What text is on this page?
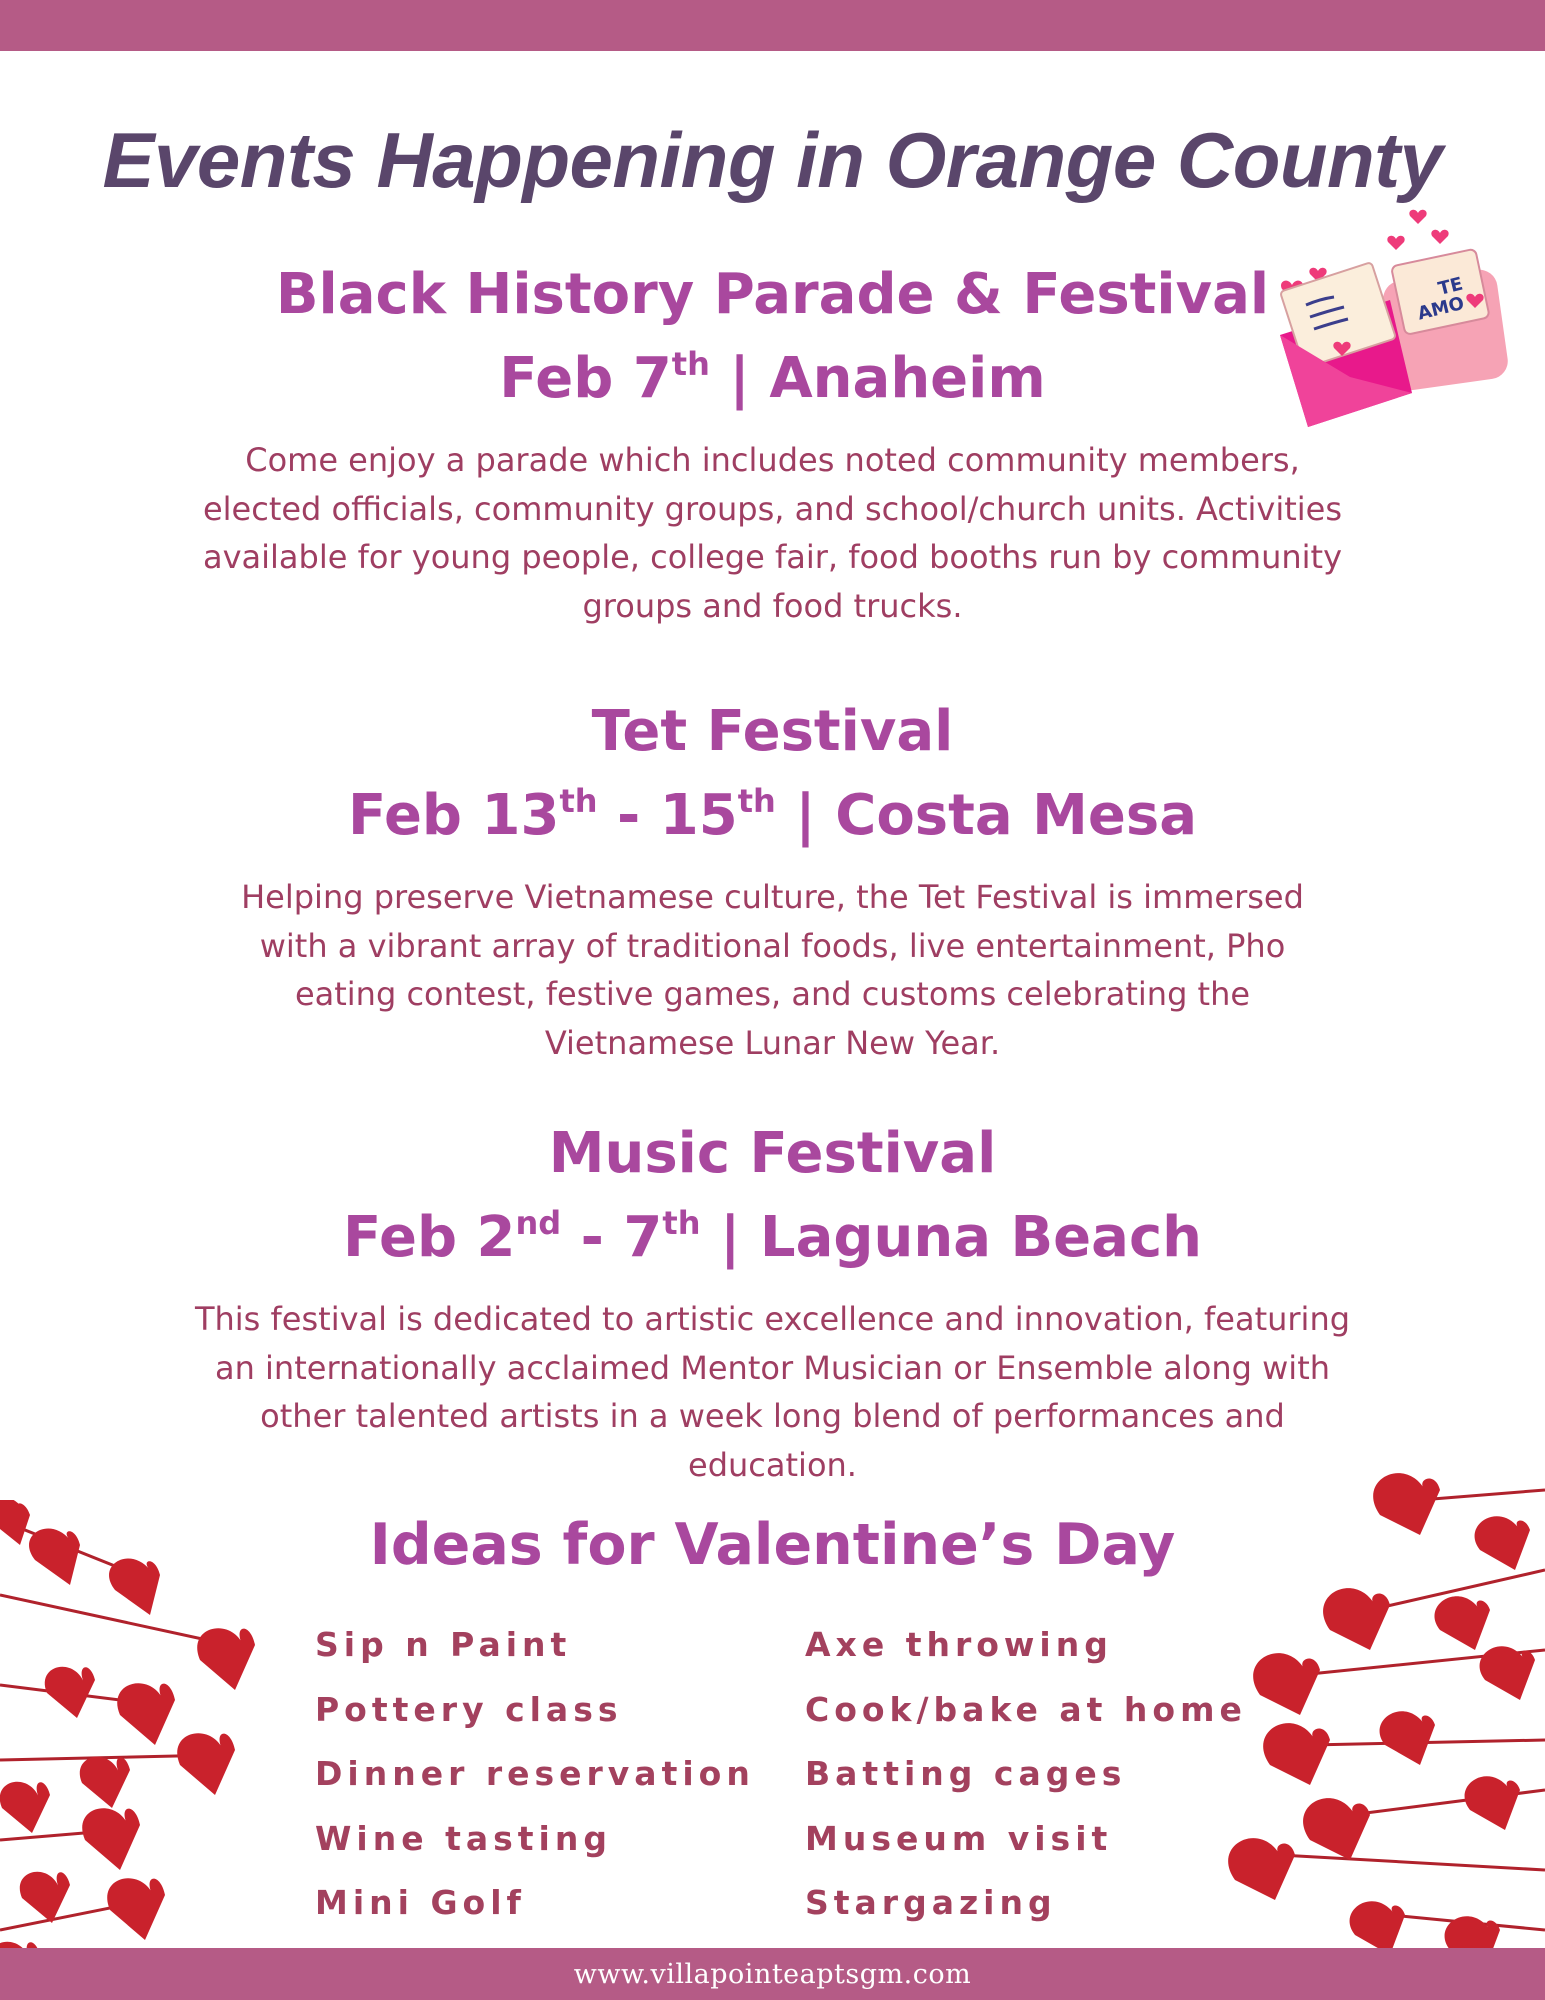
Events Happening in Orange County
TE
AMO
Black History Parade & Festival

Feb 7th | Anaheim

Come enjoy a parade which includes noted community members, elected officials, community groups, and school/church units. Activities available for young people, college fair, food booths run by community groups and food trucks.

Tet Festival

Feb 13th - 15th | Costa Mesa

Helping preserve Vietnamese culture, the Tet Festival is immersed with a vibrant array of traditional foods, live entertainment, Pho eating contest, festive games, and customs celebrating the Vietnamese Lunar New Year.

Music Festival

Feb 2nd - 7th | Laguna Beach

This festival is dedicated to artistic excellence and innovation, featuring an internationally acclaimed Mentor Musician or Ensemble along with other talented artists in a week long blend of performances and education.

Ideas for Valentine’s Day
Sip n Paint
Pottery class
Dinner reservation
Wine tasting
Mini Golf
Axe throwing
Cook/bake at home
Batting cages
Museum visit
Stargazing
www.villapointeaptsgm.com
